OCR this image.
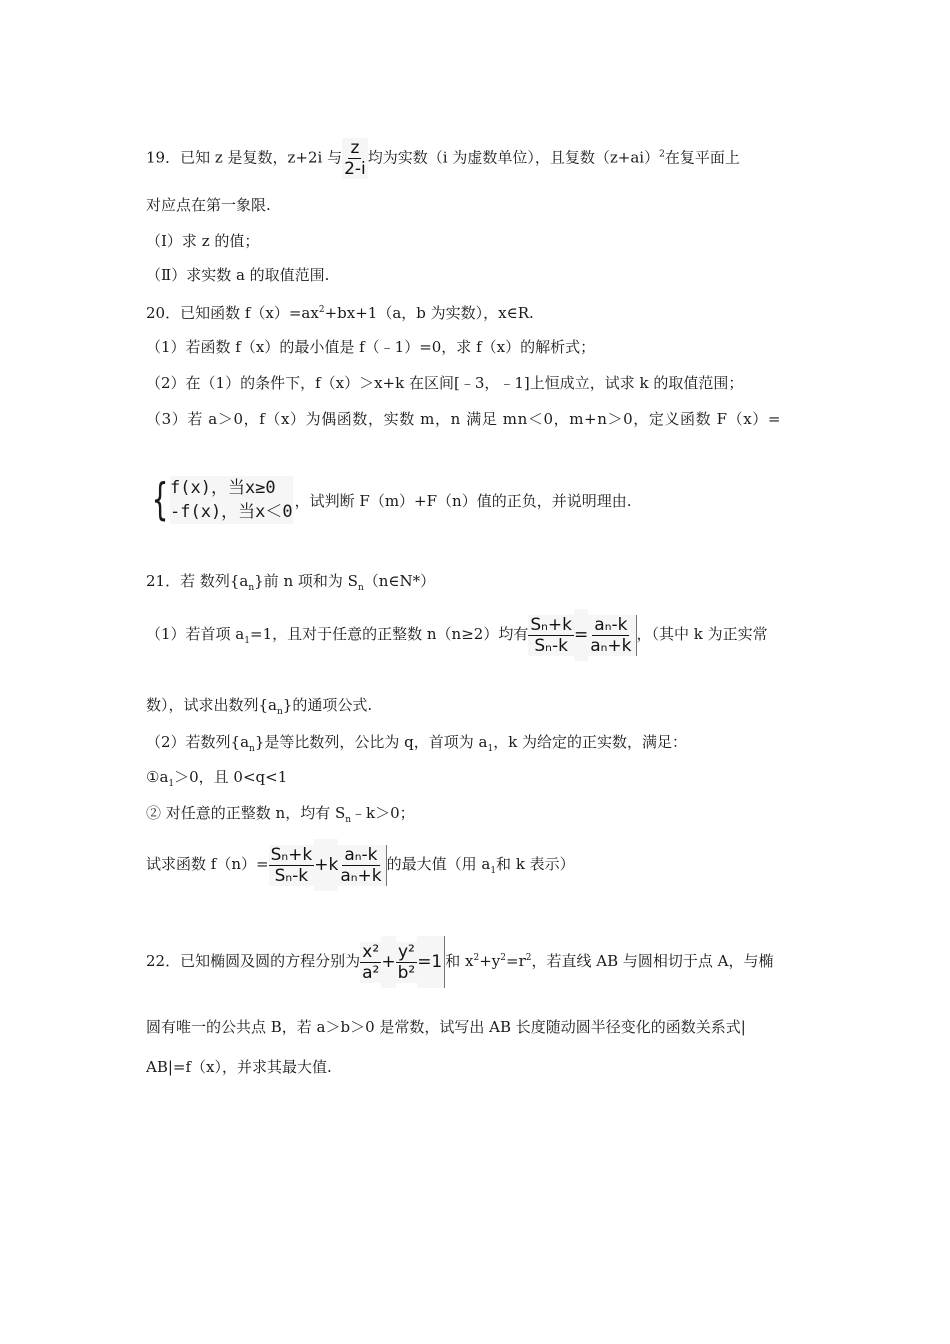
19．已知 z 是复数，z+2i 与 $\frac{z}{2-i}$ 均为实数（i 为虚数单位），且复数$(z+ai)^2$在复平面上
对应点在第一象限.
（Ⅰ）求 z 的值；
（Ⅱ）求实数 a 的取值范围.
20．已知函数 $f(x)=ax^2+bx+1(a$，b 为实数），x∈R.
（1）若函数 f（x）的最小值是 f（﹣1）=0，求 f（x）的解析式；
（2）在（1）的条件下，f（x）＞x+k 在区间[﹣3，﹣1]上恒成立，试求 k 的取值范围；
（3）若 a＞0，f（x）为偶函数，实数 m，n 满足 mn＜0，m+n＞0，定义函数 F（x）=
{ f(x)，当x≥0
-f(x)，当x＜0
，试判断 F（m）+F（n）值的正负，并说明理由.
21．若 数列$\{a_n\}$前 n 项和为 $S_n(n\in N*)$
（1）若首项 $a_1=1$，且对于任意的正整数 n（n≥2）均有 $\frac{\text{Sₙ+k}}{\text{Sₙ-k}} = \frac{\text{aₙ-k}}{\text{aₙ+k}}$ ，（其中 k 为正实常
数），试求出数列$\{a_n\}$的通项公式.
（2）若数列$\{a_n\}$是等比数列，公比为 q，首项为 $a_1$，k 为给定的正实数，满足：
$①a_1>0$，且 0<q<1
② 对任意的正整数 n，均有 $S_n﹣k>0$；
试求函数 $f(n)= \frac{\text{Sₙ+k}}{\text{Sₙ-k}} +k \frac{\text{aₙ-k}}{\text{aₙ+k}}$ 的最大值（用 $a_1$和 k 表示）
22．已知椭圆及圆的方程分别为 $\frac{\text{x²}}{\text{a²}} + \frac{\text{y²}}{\text{b²}} =1$ 和 $x^2+y^2=r^2$，若直线 AB 与圆相切于点 A，与椭
圆有唯一的公共点 B，若 a＞b＞0 是常数，试写出 AB 长度随动圆半径变化的函数关系式|
AB|=f（x），并求其最大值.
